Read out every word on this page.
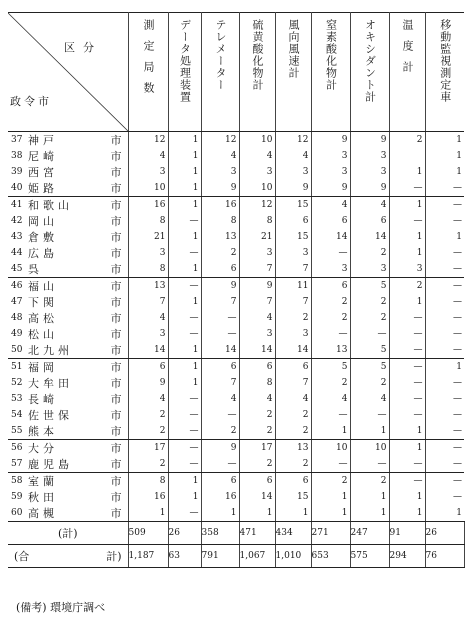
区分
政令市		測定局数	データ処理装置	テレメーター	硫黄酸化物計	風向風速計	窒素酸化物計	オキシダント計	温度計	移動監視測定車

37	神戸 市	12	1	12	10	12	9	9	2	1
38	尼崎 市	4	1	4	4	4	3	3		1
39	西宮 市	3	1	3	3	3	3	3	1	1
40	姫路 市	10	1	9	10	9	9	9	—	—
41	和歌山 市	16	1	16	12	15	4	4	1	—
42	岡山 市	8	—	8	8	6	6	6	—	—
43	倉敷 市	21	1	13	21	15	14	14	1	1
44	広島 市	3	—	2	3	3	—	2	1	—
45	呉 市	8	1	6	7	7	3	3	3	—
46	福山 市	13	—	9	9	11	6	5	2	—
47	下関 市	7	1	7	7	7	2	2	1	—
48	高松 市	4	—	—	4	2	2	2	—	—
49	松山 市	3	—	—	3	3	—	—	—	—
50	北九州 市	14	1	14	14	14	13	5	—	—
51	福岡 市	6	1	6	6	6	5	5	—	1
52	大牟田 市	9	1	7	8	7	2	2	—	—
53	長崎 市	4	—	4	4	4	4	4	—	—
54	佐世保 市	2	—	—	2	2	—	—	—	—
55	熊本 市	2	—	2	2	2	1	1	1	—
56	大分 市	17	—	9	17	13	10	10	1	—
57	鹿児島 市	2	—	—	2	2	—	—	—	—
58	室蘭 市	8	1	6	6	6	2	2	—	—
59	秋田 市	16	1	16	14	15	1	1	1	—
60	高槻 市	1	—	1	1	1	1	1	1	1
(計)		509	26	358	471	434	271	247	91	26
(合 計)		1,187	63	791	1,067	1,010	653	575	294	76
(備考) 環境庁調べ
